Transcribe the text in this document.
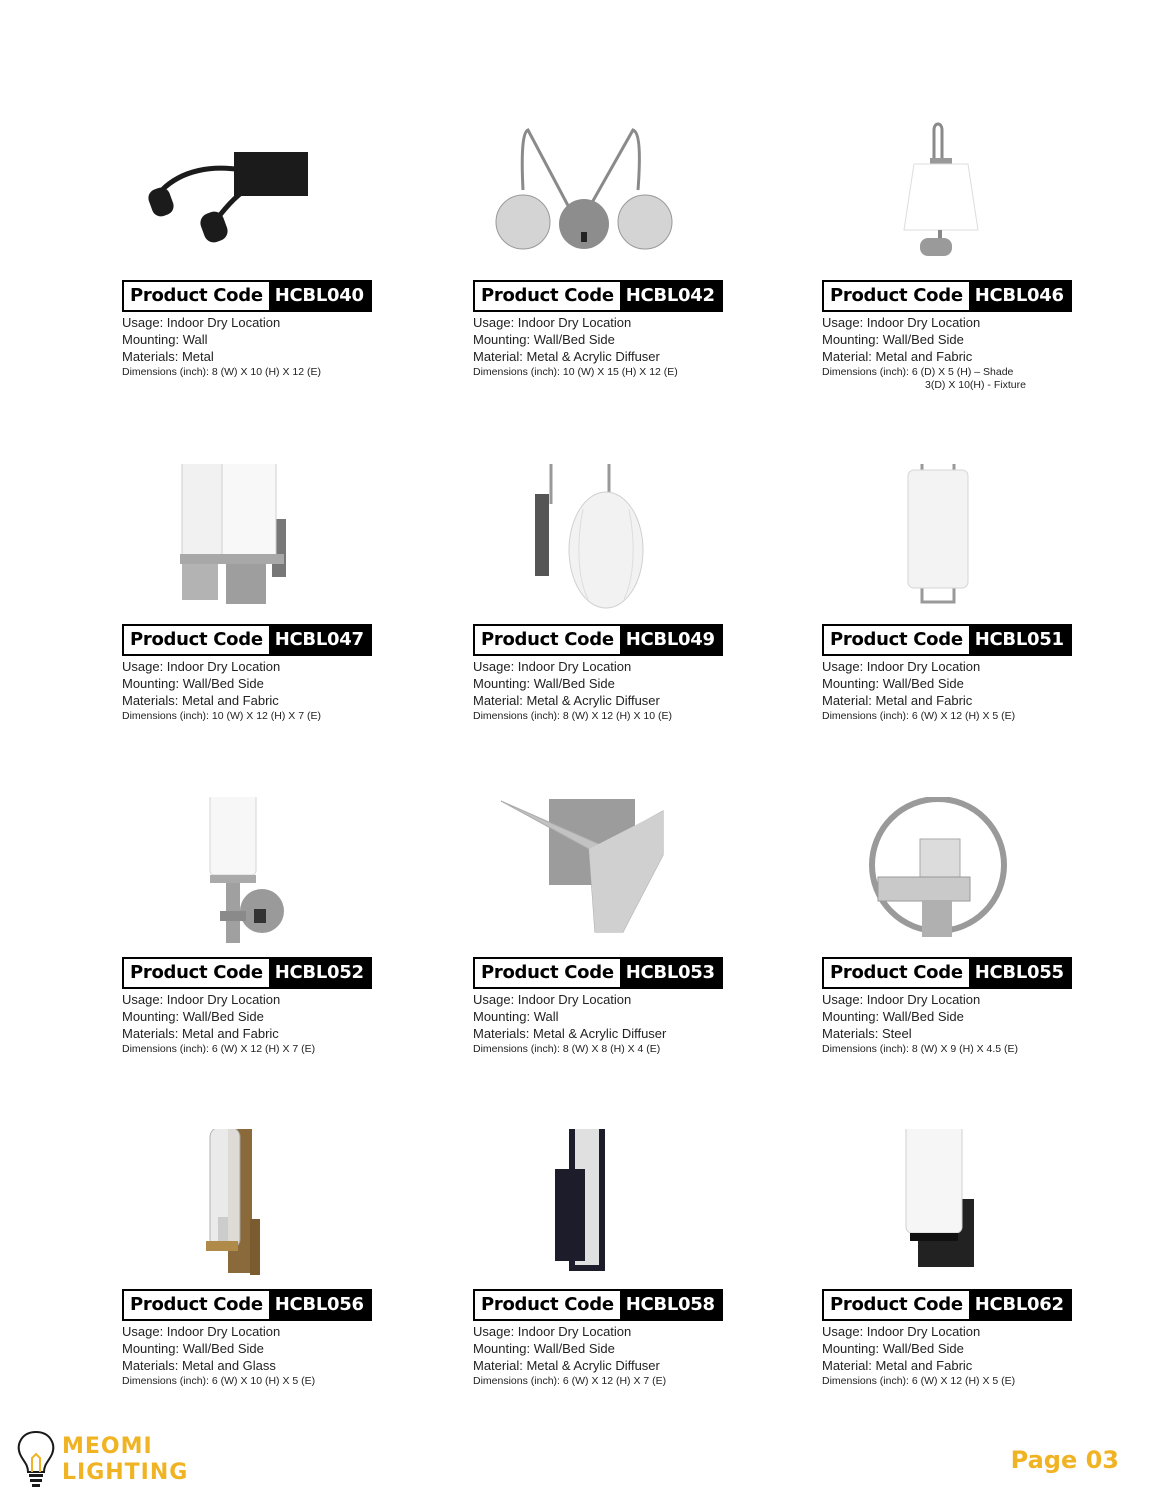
Product Code HCBL040
Usage: Indoor Dry Location
Mounting: Wall
Materials: Metal
Dimensions (inch): 8 (W) X 10 (H) X 12 (E)
Product Code HCBL042
Usage: Indoor Dry Location
Mounting: Wall/Bed Side
Material: Metal & Acrylic Diffuser
Dimensions (inch): 10 (W) X 15 (H) X 12 (E)
Product Code HCBL046
Usage: Indoor Dry Location
Mounting: Wall/Bed Side
Material: Metal and Fabric
Dimensions (inch): 6 (D) X 5 (H) – Shade
3(D) X 10(H) - Fixture
Product Code HCBL047
Usage: Indoor Dry Location
Mounting: Wall/Bed Side
Materials: Metal and Fabric
Dimensions (inch): 10 (W) X 12 (H) X 7 (E)
Product Code HCBL049
Usage: Indoor Dry Location
Mounting: Wall/Bed Side
Material: Metal & Acrylic Diffuser
Dimensions (inch): 8 (W) X 12 (H) X 10 (E)
Product Code HCBL051
Usage: Indoor Dry Location
Mounting: Wall/Bed Side
Material: Metal and Fabric
Dimensions (inch): 6 (W) X 12 (H) X 5 (E)
Product Code HCBL052
Usage: Indoor Dry Location
Mounting: Wall/Bed Side
Materials: Metal and Fabric
Dimensions (inch): 6 (W) X 12 (H) X 7 (E)
Product Code HCBL053
Usage: Indoor Dry Location
Mounting: Wall
Materials: Metal & Acrylic Diffuser
Dimensions (inch): 8 (W) X 8 (H) X 4 (E)
Product Code HCBL055
Usage: Indoor Dry Location
Mounting: Wall/Bed Side
Materials: Steel
Dimensions (inch): 8 (W) X 9 (H) X 4.5 (E)
Product Code HCBL056
Usage: Indoor Dry Location
Mounting: Wall/Bed Side
Materials: Metal and Glass
Dimensions (inch): 6 (W) X 10 (H) X 5 (E)
Product Code HCBL058
Usage: Indoor Dry Location
Mounting: Wall/Bed Side
Material: Metal & Acrylic Diffuser
Dimensions (inch): 6 (W) X 12 (H) X 7 (E)
Product Code HCBL062
Usage: Indoor Dry Location
Mounting: Wall/Bed Side
Material: Metal and Fabric
Dimensions (inch): 6 (W) X 12 (H) X 5 (E)
MEOMI
LIGHTING	Page 03
